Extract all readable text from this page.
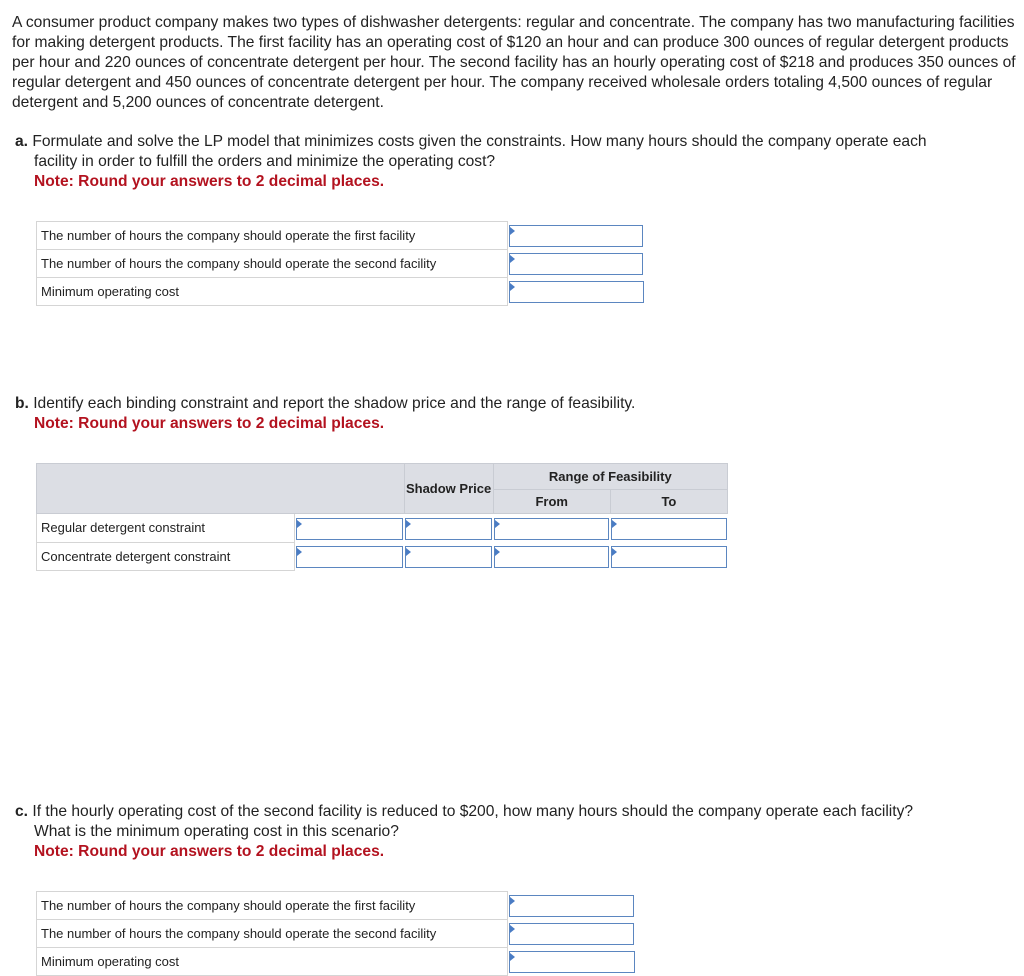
A consumer product company makes two types of dishwasher detergents: regular and concentrate. The company has two manufacturing facilities for making detergent products. The first facility has an operating cost of $120 an hour and can produce 300 ounces of regular detergent products per hour and 220 ounces of concentrate detergent per hour. The second facility has an hourly operating cost of $218 and produces 350 ounces of regular detergent and 450 ounces of concentrate detergent per hour. The company received wholesale orders totaling 4,500 ounces of regular detergent and 5,200 ounces of concentrate detergent.

a. Formulate and solve the LP model that minimizes costs given the constraints. How many hours should the company operate each

facility in order to fulfill the orders and minimize the operating cost?

Note: Round your answers to 2 decimal places.

The number of hours the company should operate the first facility	

The number of hours the company should operate the second facility	

Minimum operating cost	

b. Identify each binding constraint and report the shadow price and the range of feasibility.

Note: Round your answers to 2 decimal places.

		Shadow Price	Range of Feasibility	
			From	To
Regular detergent constraint	

Concentrate detergent constraint	

c. If the hourly operating cost of the second facility is reduced to $200, how many hours should the company operate each facility?

What is the minimum operating cost in this scenario?

Note: Round your answers to 2 decimal places.

The number of hours the company should operate the first facility	

The number of hours the company should operate the second facility	

Minimum operating cost	
